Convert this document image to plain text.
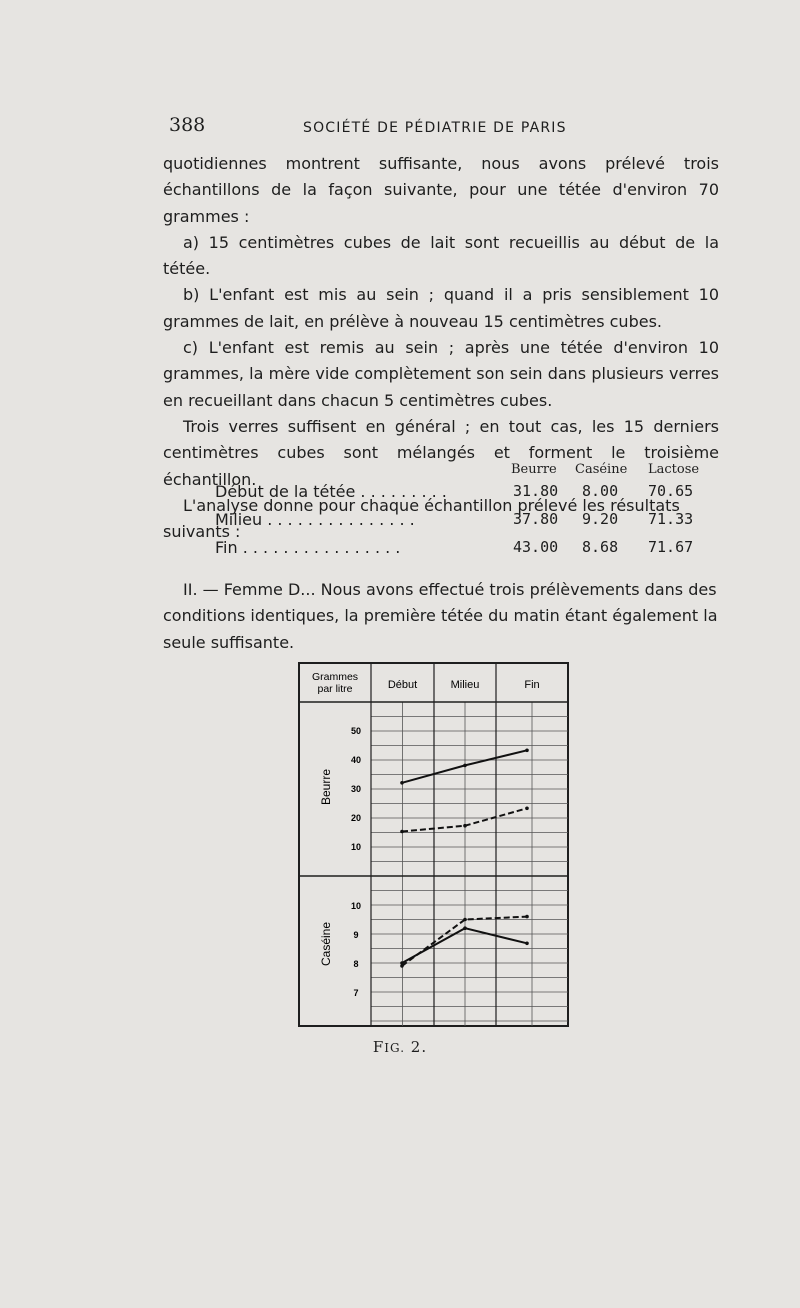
388	SOCIÉTÉ DE PÉDIATRIE DE PARIS

quotidiennes montrent suffisante, nous avons prélevé trois échantillons de la façon suivante, pour une tétée d'environ 70 grammes :

a) 15 centimètres cubes de lait sont recueillis au début de la tétée.

b) L'enfant est mis au sein ; quand il a pris sensiblement 10 grammes de lait, en prélève à nouveau 15 centimètres cubes.

c) L'enfant est remis au sein ; après une tétée d'environ 10 grammes, la mère vide complètement son sein dans plusieurs verres en recueillant dans chacun 5 centimètres cubes.

Trois verres suffisent en général ; en tout cas, les 15 derniers centimètres cubes sont mélangés et forment le troisième échantillon.

L'analyse donne pour chaque échantillon prélevé les résultats suivants :

Beurre Caséine Lactose
Début de la tétée . . . . . . . . .	31.80 8.00 70.65
Milieu . . . . . . . . . . . . . . .	37.80 9.20 71.33
Fin . . . . . . . . . . . . . . . .	43.00 8.68 71.67

II. — Femme D... Nous avons effectué trois prélèvements dans des conditions identiques, la première tétée du matin étant également la seule suffisante.

Grammes
par litre	Début	Milieu	Fin
Beurre
Caséine
50
40
30
20
10
10
9
8
7
FIG. 2.
